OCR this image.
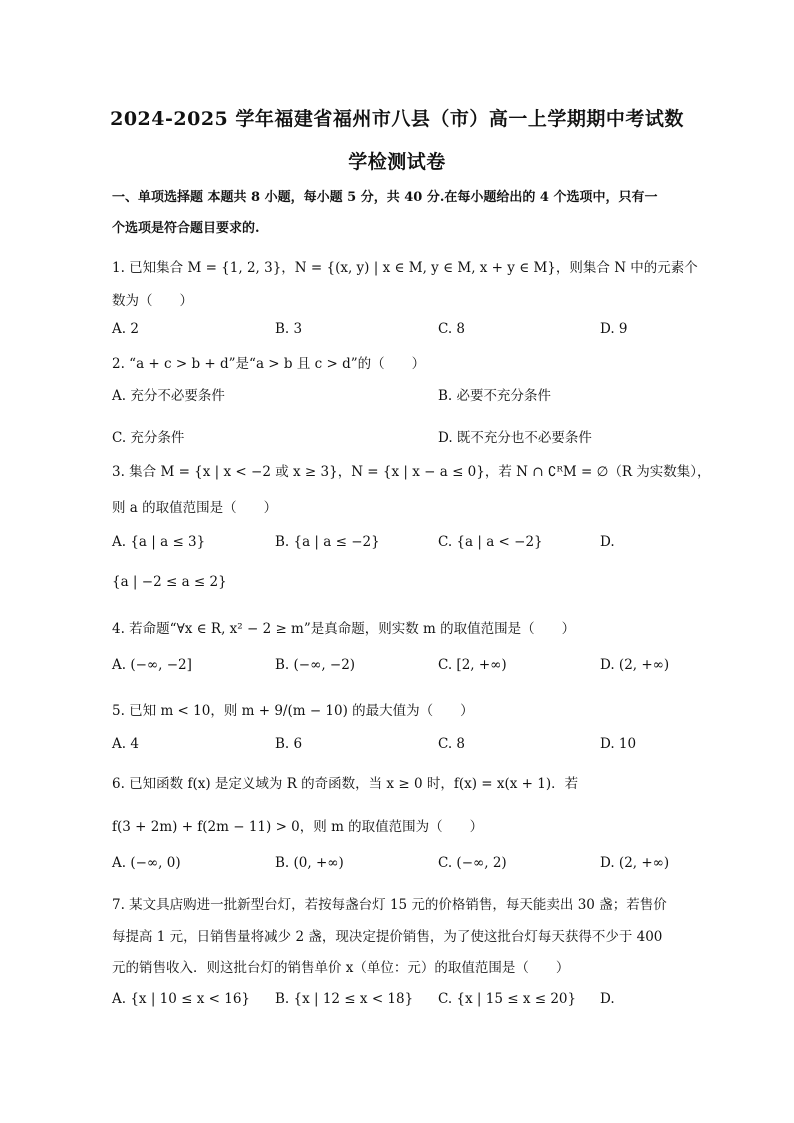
2024-2025 学年福建省福州市八县（市）高一上学期期中考试数
学检测试卷
一、单项选择题 本题共 8 小题，每小题 5 分，共 40 分.在每小题给出的 4 个选项中，只有一
个选项是符合题目要求的.
1. 已知集合 M = {1, 2, 3}，N = {(x, y) | x ∈ M, y ∈ M, x + y ∈ M}，则集合 N 中的元素个
数为（　　）
A. 2	B. 3	C. 8	D. 9
2. “a + c > b + d”是“a > b 且 c > d”的（　　）
A. 充分不必要条件	B. 必要不充分条件
C. 充分条件	D. 既不充分也不必要条件
3. 集合 M = {x | x < −2 或 x ≥ 3}，N = {x | x − a ≤ 0}，若 N ∩ ∁ᴿM = ∅（R 为实数集），
则 a 的取值范围是（　　）
A. {a | a ≤ 3}	B. {a | a ≤ −2}	C. {a | a < −2}	D.
{a | −2 ≤ a ≤ 2}
4. 若命题“∀x ∈ R, x² − 2 ≥ m”是真命题，则实数 m 的取值范围是（　　）
A. (−∞, −2]	B. (−∞, −2)	C. [2, +∞)	D. (2, +∞)
5. 已知 m < 10，则 m + 9/(m − 10) 的最大值为（　　）
A. 4	B. 6	C. 8	D. 10
6. 已知函数 f(x) 是定义域为 R 的奇函数，当 x ≥ 0 时，f(x) = x(x + 1)．若
f(3 + 2m) + f(2m − 11) > 0，则 m 的取值范围为（　　）
A. (−∞, 0)	B. (0, +∞)	C. (−∞, 2)	D. (2, +∞)
7. 某文具店购进一批新型台灯，若按每盏台灯 15 元的价格销售，每天能卖出 30 盏；若售价
每提高 1 元，日销售量将减少 2 盏，现决定提价销售，为了使这批台灯每天获得不少于 400
元的销售收入．则这批台灯的销售单价 x（单位：元）的取值范围是（　　）
A. {x | 10 ≤ x < 16} B. {x | 12 ≤ x < 18} C. {x | 15 ≤ x ≤ 20} D.
